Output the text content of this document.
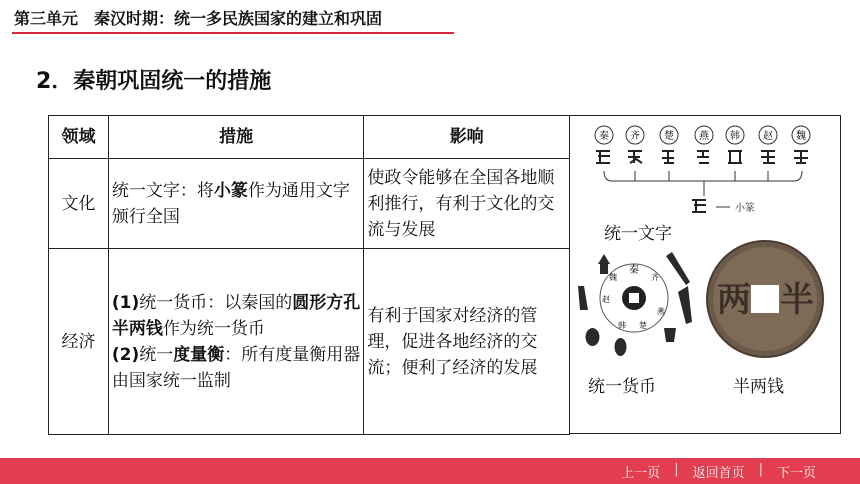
第三单元　秦汉时期：统一多民族国家的建立和巩固
2．秦朝巩固统一的措施
领域	措施	影响
文化	统一文字：将小篆作为通用文字颁行全国	使政令能够在全国各地顺利推行，有利于文化的交流与发展
经济	(1)统一货币：以秦国的圆形方孔半两钱作为统一货币
(2)统一度量衡：所有度量衡用器由国家统一监制	有利于国家对经济的管理，促进各地经济的交流；便利了经济的发展
秦 齐 楚	燕 韩 赵 魏
小篆
秦
齐
燕
楚
韩
赵
魏
两 半
统一文字
统一货币	半两钱
上一页	|	返回首页	|	下一页
